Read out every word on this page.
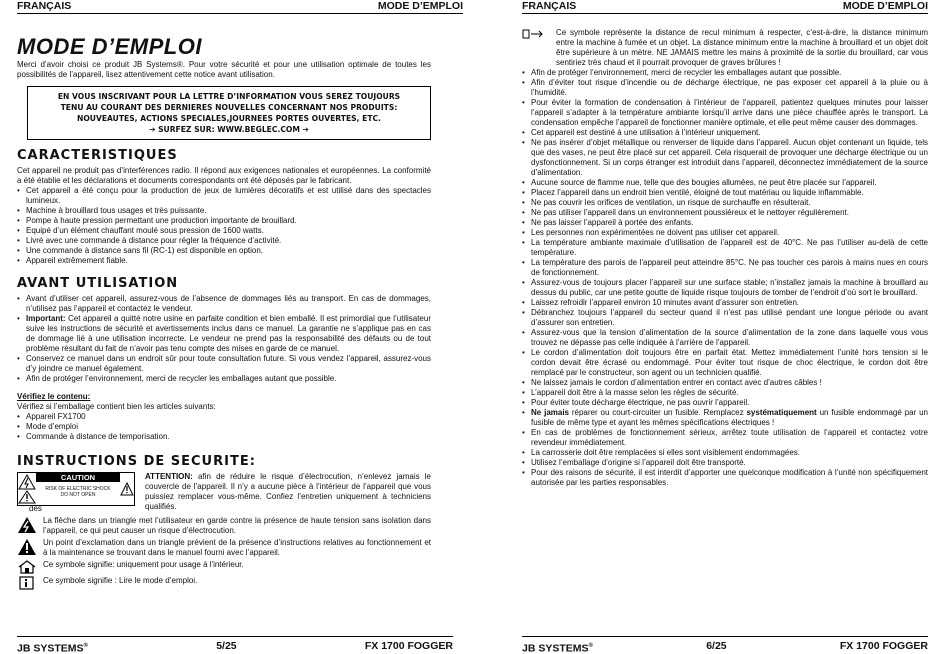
FRANÇAIS	MODE D’EMPLOI
MODE D’EMPLOI

Merci d’avoir choisi ce produit JB Systems®. Pour votre sécurité et pour une utilisation optimale de toutes les possibilités de l’appareil, lisez attentivement cette notice avant utilisation.

EN VOUS INSCRIVANT POUR LA LETTRE D’INFORMATION VOUS SEREZ TOUJOURS
TENU AU COURANT DES DERNIERES NOUVELLES CONCERNANT NOS PRODUITS:
NOUVEAUTES, ACTIONS SPECIALES,JOURNEES PORTES OUVERTES, ETC.
➔ SURFEZ SUR: WWW.BEGLEC.COM ➔
CARACTERISTIQUES

Cet appareil ne produit pas d’interférences radio. Il répond aux exigences nationales et européennes. La conformité a été établie et les déclarations et documents correspondants ont été déposés par le fabricant.

• Cet appareil a été conçu pour la production de jeux de lumières décoratifs et est utilisé dans des spectacles lumineux.
• Machine à brouillard tous usages et très puissante.
• Pompe à haute pression permettant une production importante de brouillard.
• Equipé d’un élément chauffant moulé sous pression de 1600 watts.
• Livré avec une commande à distance pour régler la fréquence d’activité.
• Une commande à distance sans fil (RC-1) est disponible en option.
• Appareil extrêmement fiable.
AVANT UTILISATION
• Avant d’utiliser cet appareil, assurez-vous de l’absence de dommages liés au transport. En cas de dommages, n’utilisez pas l’appareil et contactez le vendeur.
• Important: Cet appareil a quitté notre usine en parfaite condition et bien emballé. Il est primordial que l’utilisateur suive les instructions de sécurité et avertissements inclus dans ce manuel. La garantie ne s’applique pas en cas de dommage lié à une utilisation incorrecte. Le vendeur ne prend pas la responsabilité des défauts ou de tout problème résultant du fait de n’avoir pas tenu compte des mises en garde de ce manuel.
• Conservez ce manuel dans un endroit sûr pour toute consultation future. Si vous vendez l’appareil, assurez-vous d’y joindre ce manuel également.
• Afin de protéger l’environnement, merci de recycler les emballages autant que possible.
Vérifiez le contenu:

Vérifiez si l’emballage contient bien les articles suivants:

• Appareil FX1700
• Mode d’emploi
• Commande à distance de temporisation.
INSTRUCTIONS DE SECURITE:
CAUTION
RISK OF ELECTRIC SHOCK
DO NOT OPEN

ATTENTION: afin de réduire le risque d’électrocution, n’enlevez jamais le couvercle de l’appareil. Il n’y a aucune pièce à l’intérieur de l’appareil que vous puissiez remplacer vous-même. Confiez l’entretien uniquement à techniciens qualifiés.

des

La flèche dans un triangle met l’utilisateur en garde contre la présence de haute tension sans isolation dans l’appareil, ce qui peut causer un risque d’électrocution.

Un point d’exclamation dans un triangle prévient de la présence d’instructions relatives au fonctionnement et à la maintenance se trouvant dans le manuel fourni avec l’appareil.

Ce symbole signifie: uniquement pour usage à l'intérieur.

Ce symbole signifie : Lire le mode d’emploi.

JB SYSTEMS®	5/25	FX 1700 FOGGER
FRANÇAIS	MODE D’EMPLOI

Ce symbole représente la distance de recul minimum à respecter, c’est-à-dire, la distance minimum entre la machine à fumée et un objet. La distance minimum entre la machine à brouillard et un objet doit être supérieure à un mètre. NE JAMAIS mettre les mains à proximité de la sortie du brouillard, car vous sentiriez très chaud et il pourrait provoquer de graves brûlures !

• Afin de protéger l’environnement, merci de recycler les emballages autant que possible.
• Afin d’éviter tout risque d’incendie ou de décharge électrique, ne pas exposer cet appareil à la pluie ou à l’humidité.
• Pour éviter la formation de condensation à l’intérieur de l’appareil, patientez quelques minutes pour laisser l’appareil s’adapter à la température ambiante lorsqu’il arrive dans une pièce chauffée après le transport. La condensation empêche l’appareil de fonctionner manière optimale, et elle peut même causer des dommages.
• Cet appareil est destiné à une utilisation à l’intérieur uniquement.
• Ne pas insérer d’objet métallique ou renverser de liquide dans l’appareil. Aucun objet contenant un liquide, tels que des vases, ne peut être placé sur cet appareil. Cela risquerait de provoquer une décharge électrique ou un dysfonctionnement. Si un corps étranger est introduit dans l’appareil, déconnectez immédiatement de la source d’alimentation.
• Aucune source de flamme nue, telle que des bougies allumées, ne peut être placée sur l’appareil.
• Placez l’appareil dans un endroit bien ventilé, éloigné de tout matériau ou liquide inflammable.
• Ne pas couvrir les orifices de ventilation, un risque de surchauffe en résulterait.
• Ne pas utiliser l’appareil dans un environnement poussiéreux et le nettoyer régulièrement.
• Ne pas laisser l’appareil à portée des enfants.
• Les personnes non expérimentées ne doivent pas utiliser cet appareil.
• La température ambiante maximale d’utilisation de l’appareil est de 40°C. Ne pas l’utiliser au-delà de cette température.
• La température des parois de l'appareil peut atteindre 85°C. Ne pas toucher ces parois à mains nues en cours de fonctionnement.
• Assurez-vous de toujours placer l’appareil sur une surface stable; n’installez jamais la machine à brouillard au dessus du public, car une petite goutte de liquide risque toujours de tomber de l’endroit d’où sort le brouillard.
• Laissez refroidir l’appareil environ 10 minutes avant d’assurer son entretien.
• Débranchez toujours l’appareil du secteur quand il n’est pas utilisé pendant une longue période ou avant d’assurer son entretien.
• Assurez-vous que la tension d’alimentation de la source d’alimentation de la zone dans laquelle vous vous trouvez ne dépasse pas celle indiquée à l’arrière de l’appareil.
• Le cordon d’alimentation doit toujours être en parfait état. Mettez immédiatement l’unité hors tension si le cordon devait être écrasé ou endommagé. Pour éviter tout risque de choc électrique, le cordon doit être remplacé par le constructeur, son agent ou un technicien qualifié.
• Ne laissez jamais le cordon d’alimentation entrer en contact avec d’autres câbles !
• L’appareil doit être à la masse selon les règles de sécurité.
• Pour éviter toute décharge électrique, ne pas ouvrir l’appareil.
• Ne jamais réparer ou court-circuiter un fusible. Remplacez systématiquement un fusible endommagé par un fusible de même type et ayant les mêmes spécifications électriques !
• En cas de problèmes de fonctionnement sérieux, arrêtez toute utilisation de l’appareil et contactez votre revendeur immédiatement.
• La carrosserie doit être remplacées si elles sont visiblement endommagées.
• Utilisez l’emballage d’origine si l’appareil doit être transporté.
• Pour des raisons de sécurité, il est interdit d’apporter une quelconque modification à l’unité non spécifiquement autorisée par les parties responsables.
JB SYSTEMS®	6/25	FX 1700 FOGGER
